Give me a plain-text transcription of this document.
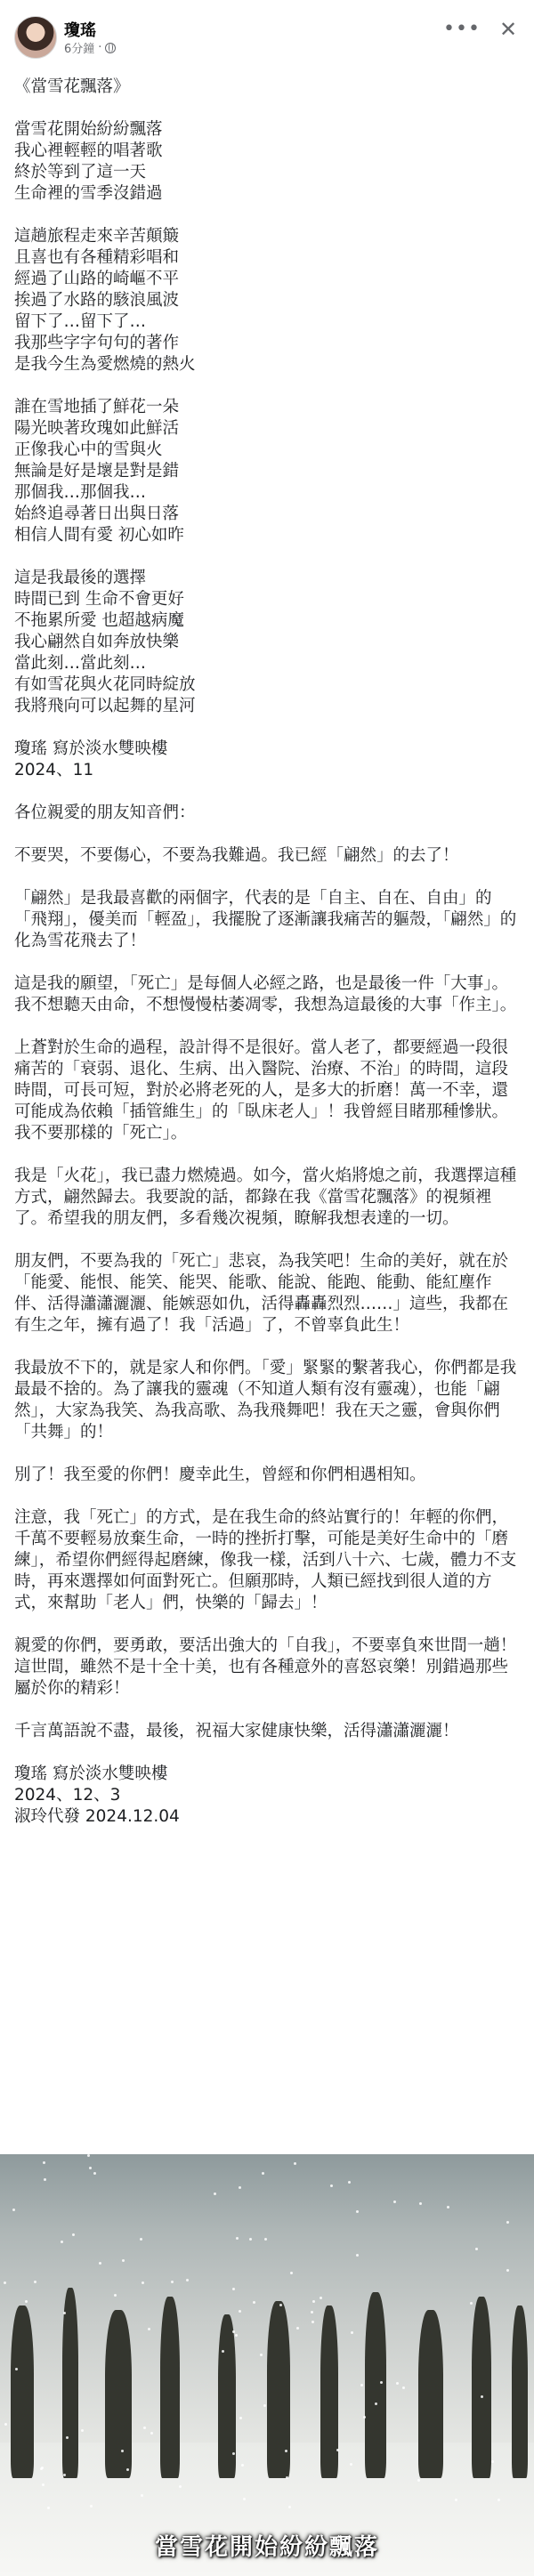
瓊瑤
6分鐘 ·
••• ✕

《當雪花飄落》

當雪花開始紛紛飄落

我心裡輕輕的唱著歌

終於等到了這一天

生命裡的雪季沒錯過

這趟旅程走來辛苦顛簸

且喜也有各種精彩唱和

經過了山路的崎嶇不平

挨過了水路的駭浪風波

留下了…留下了…

我那些字字句句的著作

是我今生為愛燃燒的熱火

誰在雪地插了鮮花一朵

陽光映著玫瑰如此鮮活

正像我心中的雪與火

無論是好是壞是對是錯

那個我…那個我…

始終追尋著日出與日落

相信人間有愛 初心如昨

這是我最後的選擇

時間已到 生命不會更好

不拖累所愛 也超越病魔

我心翩然自如奔放快樂

當此刻…當此刻…

有如雪花與火花同時綻放

我將飛向可以起舞的星河

瓊瑤 寫於淡水雙映樓

2024、11

各位親愛的朋友知音們：

不要哭，不要傷心，不要為我難過。我已經「翩然」的去了！

「翩然」是我最喜歡的兩個字，代表的是「自主、自在、自由」的「飛翔」，優美而「輕盈」，我擺脫了逐漸讓我痛苦的軀殼，「翩然」的化為雪花飛去了！

這是我的願望，「死亡」是每個人必經之路，也是最後一件「大事」。我不想聽天由命，不想慢慢枯萎凋零，我想為這最後的大事「作主」。

上蒼對於生命的過程，設計得不是很好。當人老了，都要經過一段很痛苦的「衰弱、退化、生病、出入醫院、治療、不治」的時間，這段時間，可長可短，對於必將老死的人，是多大的折磨！萬一不幸，還可能成為依賴「插管維生」的「臥床老人」！我曾經目睹那種慘狀。我不要那樣的「死亡」。

我是「火花」，我已盡力燃燒過。如今，當火焰將熄之前，我選擇這種方式，翩然歸去。我要說的話，都錄在我《當雪花飄落》的視頻裡了。希望我的朋友們，多看幾次視頻，瞭解我想表達的一切。

朋友們，不要為我的「死亡」悲哀，為我笑吧！生命的美好，就在於「能愛、能恨、能笑、能哭、能歌、能說、能跑、能動、能紅塵作伴、活得瀟瀟灑灑、能嫉惡如仇，活得轟轟烈烈……」這些，我都在有生之年，擁有過了！我「活過」了，不曾辜負此生！

我最放不下的，就是家人和你們。「愛」緊緊的繫著我心，你們都是我最最不捨的。為了讓我的靈魂（不知道人類有沒有靈魂），也能「翩然」，大家為我笑、為我高歌、為我飛舞吧！我在天之靈，會與你們「共舞」的！

別了！我至愛的你們！慶幸此生，曾經和你們相遇相知。

注意，我「死亡」的方式，是在我生命的終站實行的！年輕的你們，千萬不要輕易放棄生命，一時的挫折打擊，可能是美好生命中的「磨練」，希望你們經得起磨練，像我一樣，活到八十六、七歲，體力不支時，再來選擇如何面對死亡。但願那時，人類已經找到很人道的方式，來幫助「老人」們，快樂的「歸去」！

親愛的你們，要勇敢，要活出強大的「自我」，不要辜負來世間一趟！這世間，雖然不是十全十美，也有各種意外的喜怒哀樂！別錯過那些屬於你的精彩！

千言萬語說不盡，最後，祝福大家健康快樂，活得瀟瀟灑灑！

瓊瑤 寫於淡水雙映樓

2024、12、3

淑玲代發 2024.12.04

當雪花開始紛紛飄落
